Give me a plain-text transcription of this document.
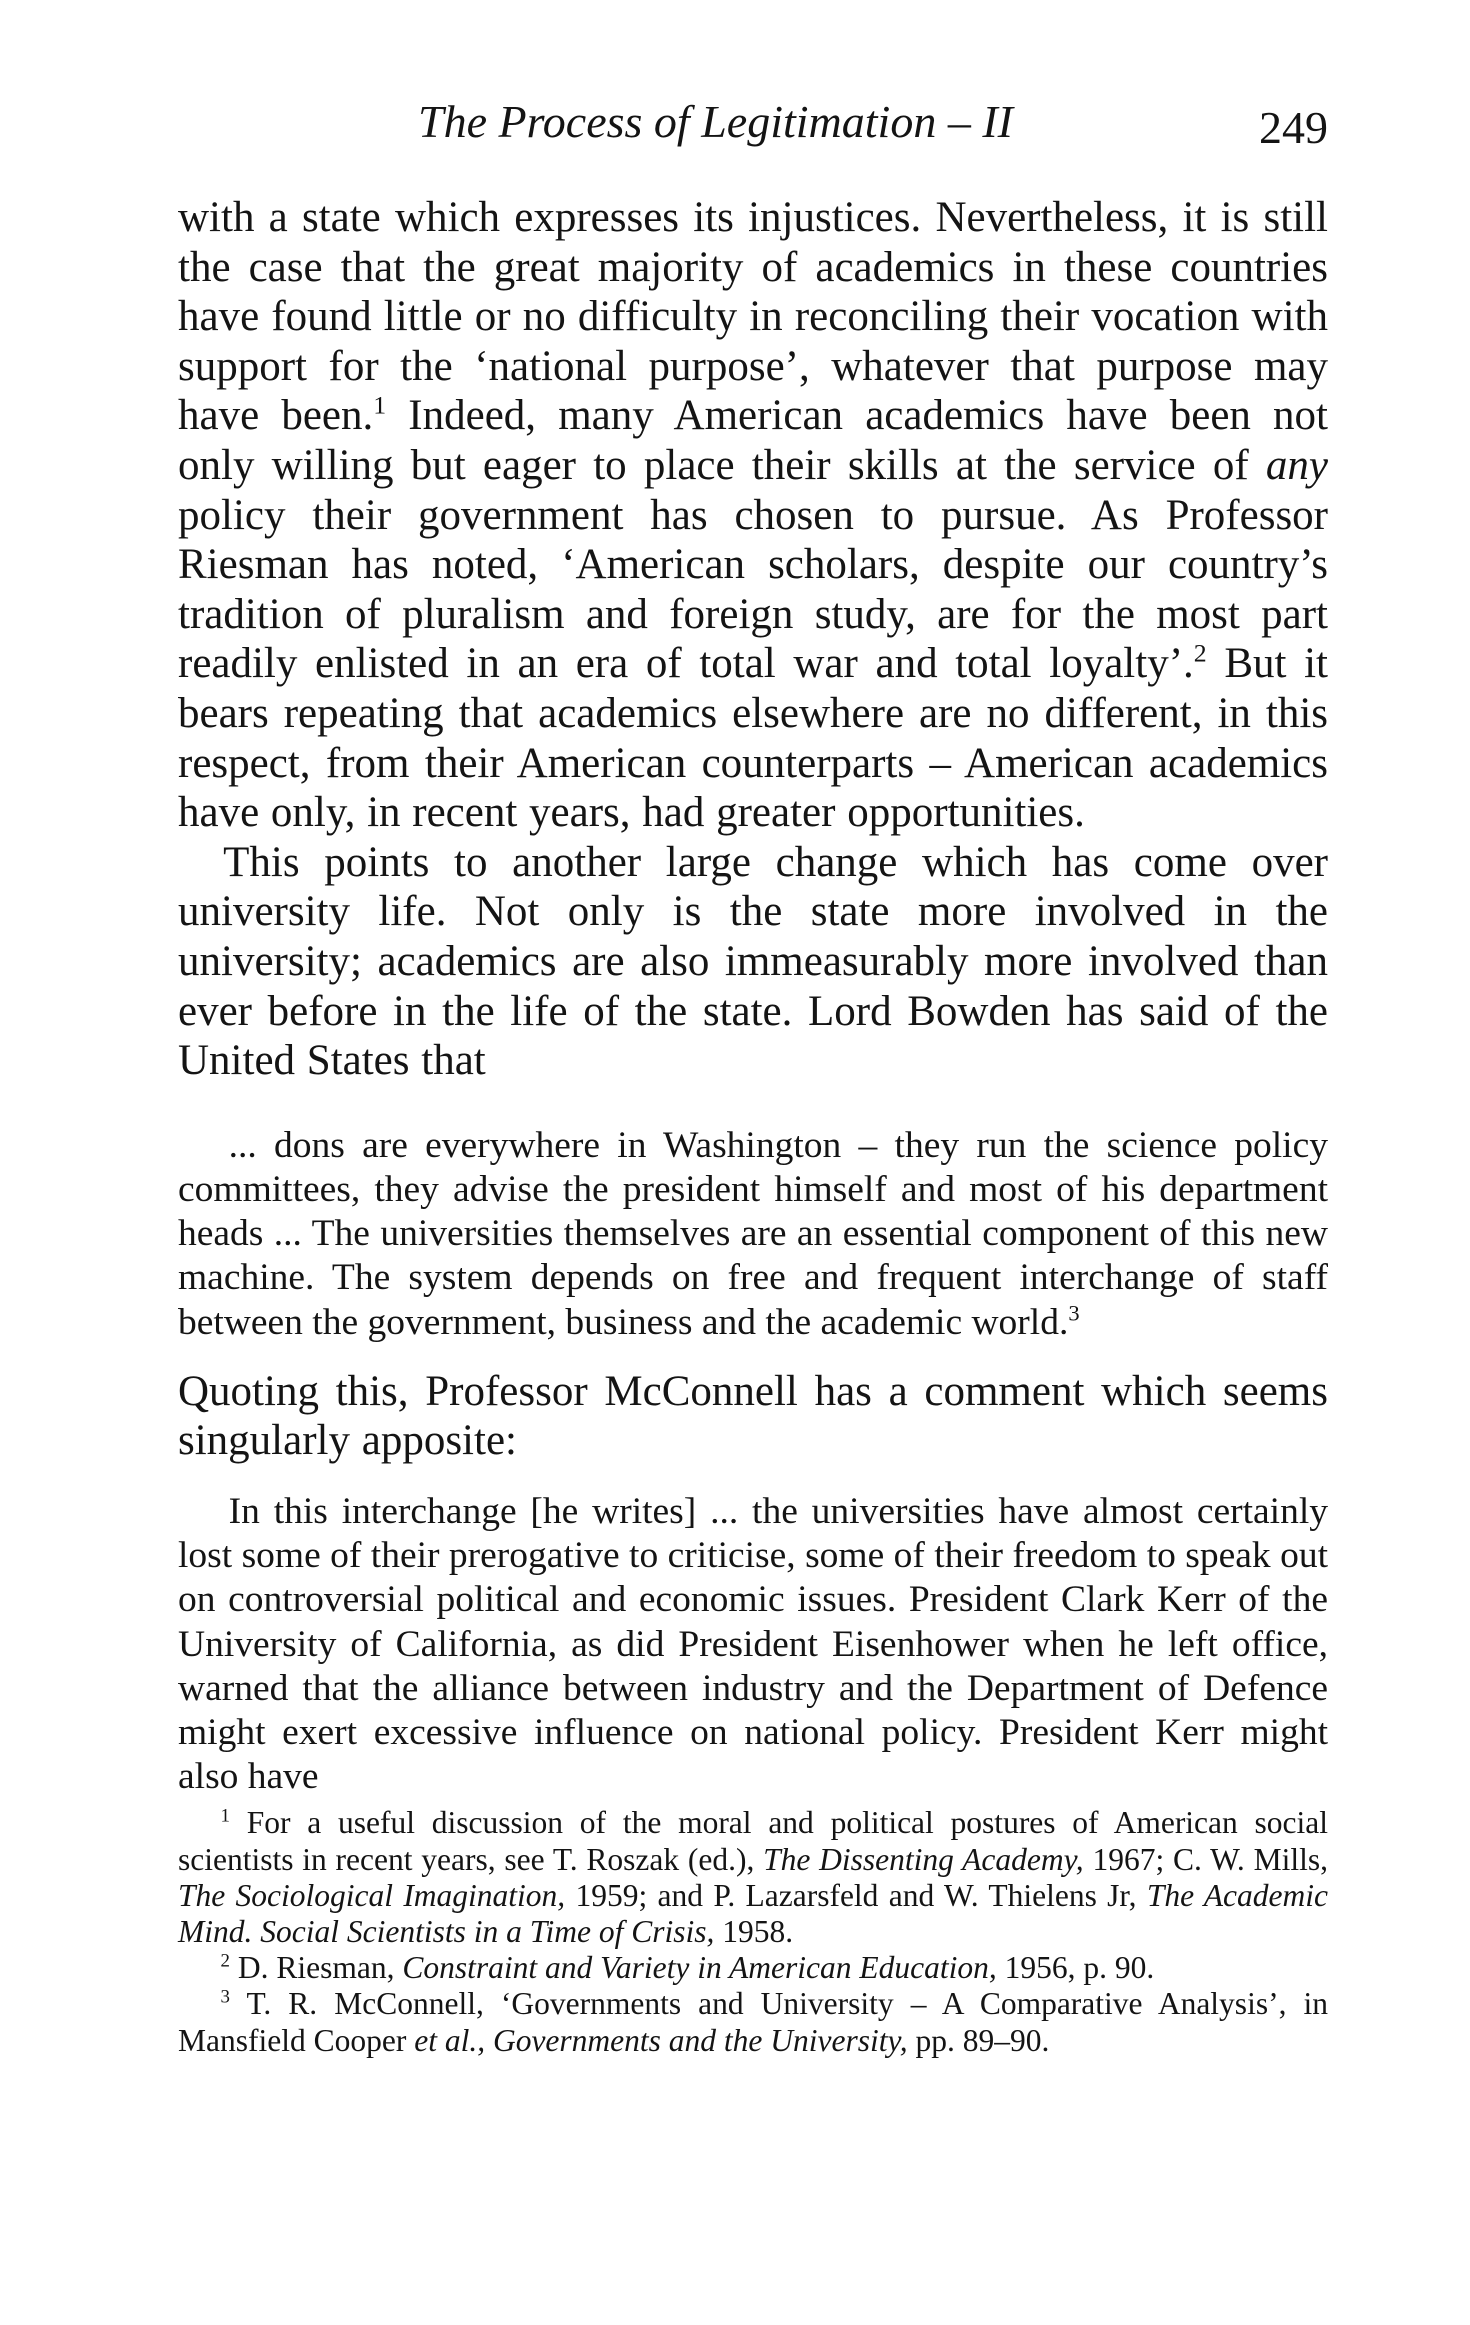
The Process of Legitimation – II	249

with a state which expresses its injustices. Nevertheless, it is still the case that the great majority of academics in these countries have found little or no difficulty in reconciling their vocation with support for the ‘national purpose’, whatever that purpose may have been.$^1$ Indeed, many American academics have been not only willing but eager to place their skills at the service of any policy their government has chosen to pursue. As Professor Riesman has noted, ‘American scholars, despite our country’s tradition of pluralism and foreign study, are for the most part readily enlisted in an era of total war and total loyalty’.$^2$ But it bears repeating that academics elsewhere are no different, in this respect, from their American counterparts – American academics have only, in recent years, had greater opportunities.

This points to another large change which has come over university life. Not only is the state more involved in the university; academics are also immeasurably more involved than ever before in the life of the state. Lord Bowden has said of the United States that

... dons are everywhere in Washington – they run the science policy committees, they advise the president himself and most of his department heads ... The universities themselves are an essential component of this new machine. The system depends on free and frequent interchange of staff between the government, business and the academic world.$^3$

Quoting this, Professor McConnell has a comment which seems singularly apposite:

In this interchange [he writes] ... the universities have almost certainly lost some of their prerogative to criticise, some of their freedom to speak out on controversial political and economic issues. President Clark Kerr of the University of California, as did President Eisenhower when he left office, warned that the alliance between industry and the Department of Defence might exert excessive influence on national policy. President Kerr might also have

$^1$ For a useful discussion of the moral and political postures of American social scientists in recent years, see T. Roszak (ed.), The Dissenting Academy, 1967; C. W. Mills, The Sociological Imagination, 1959; and P. Lazarsfeld and W. Thielens Jr, The Academic Mind. Social Scientists in a Time of Crisis, 1958.

$^2$ D. Riesman, Constraint and Variety in American Education, 1956, p. 90.

$^3$ T. R. McConnell, ‘Governments and University – A Comparative Analysis’, in Mansfield Cooper et al., Governments and the University, pp. 89–90.
